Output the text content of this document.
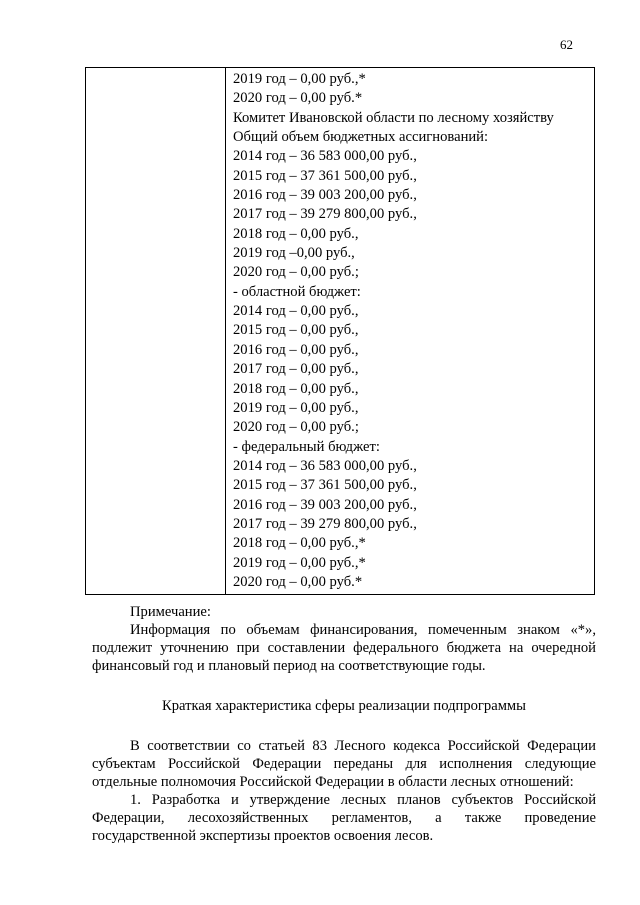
62
2019 год – 0,00 руб.,*
2020 год – 0,00 руб.*
Комитет Ивановской области по лесному хозяйству
Общий объем бюджетных ассигнований:
2014 год – 36 583 000,00 руб.,
2015 год – 37 361 500,00 руб.,
2016 год – 39 003 200,00 руб.,
2017 год – 39 279 800,00 руб.,
2018 год – 0,00 руб.,
2019 год –0,00 руб.,
2020 год – 0,00 руб.;
- областной бюджет:
2014 год – 0,00 руб.,
2015 год – 0,00 руб.,
2016 год – 0,00 руб.,
2017 год – 0,00 руб.,
2018 год – 0,00 руб.,
2019 год – 0,00 руб.,
2020 год – 0,00 руб.;
- федеральный бюджет:
2014 год – 36 583 000,00 руб.,
2015 год – 37 361 500,00 руб.,
2016 год – 39 003 200,00 руб.,
2017 год – 39 279 800,00 руб.,
2018 год – 0,00 руб.,*
2019 год – 0,00 руб.,*
2020 год – 0,00 руб.*
Примечание:
Информация по объемам финансирования, помеченным знаком «*»,
подлежит уточнению при составлении федерального бюджета на очередной
финансовый год и плановый период на соответствующие годы.
Краткая характеристика сферы реализации подпрограммы
В соответствии со статьей 83 Лесного кодекса Российской Федерации
субъектам Российской Федерации переданы для исполнения следующие
отдельные полномочия Российской Федерации в области лесных отношений:
1. Разработка и утверждение лесных планов субъектов Российской
Федерации, лесохозяйственных регламентов, а также проведение
государственной экспертизы проектов освоения лесов.
